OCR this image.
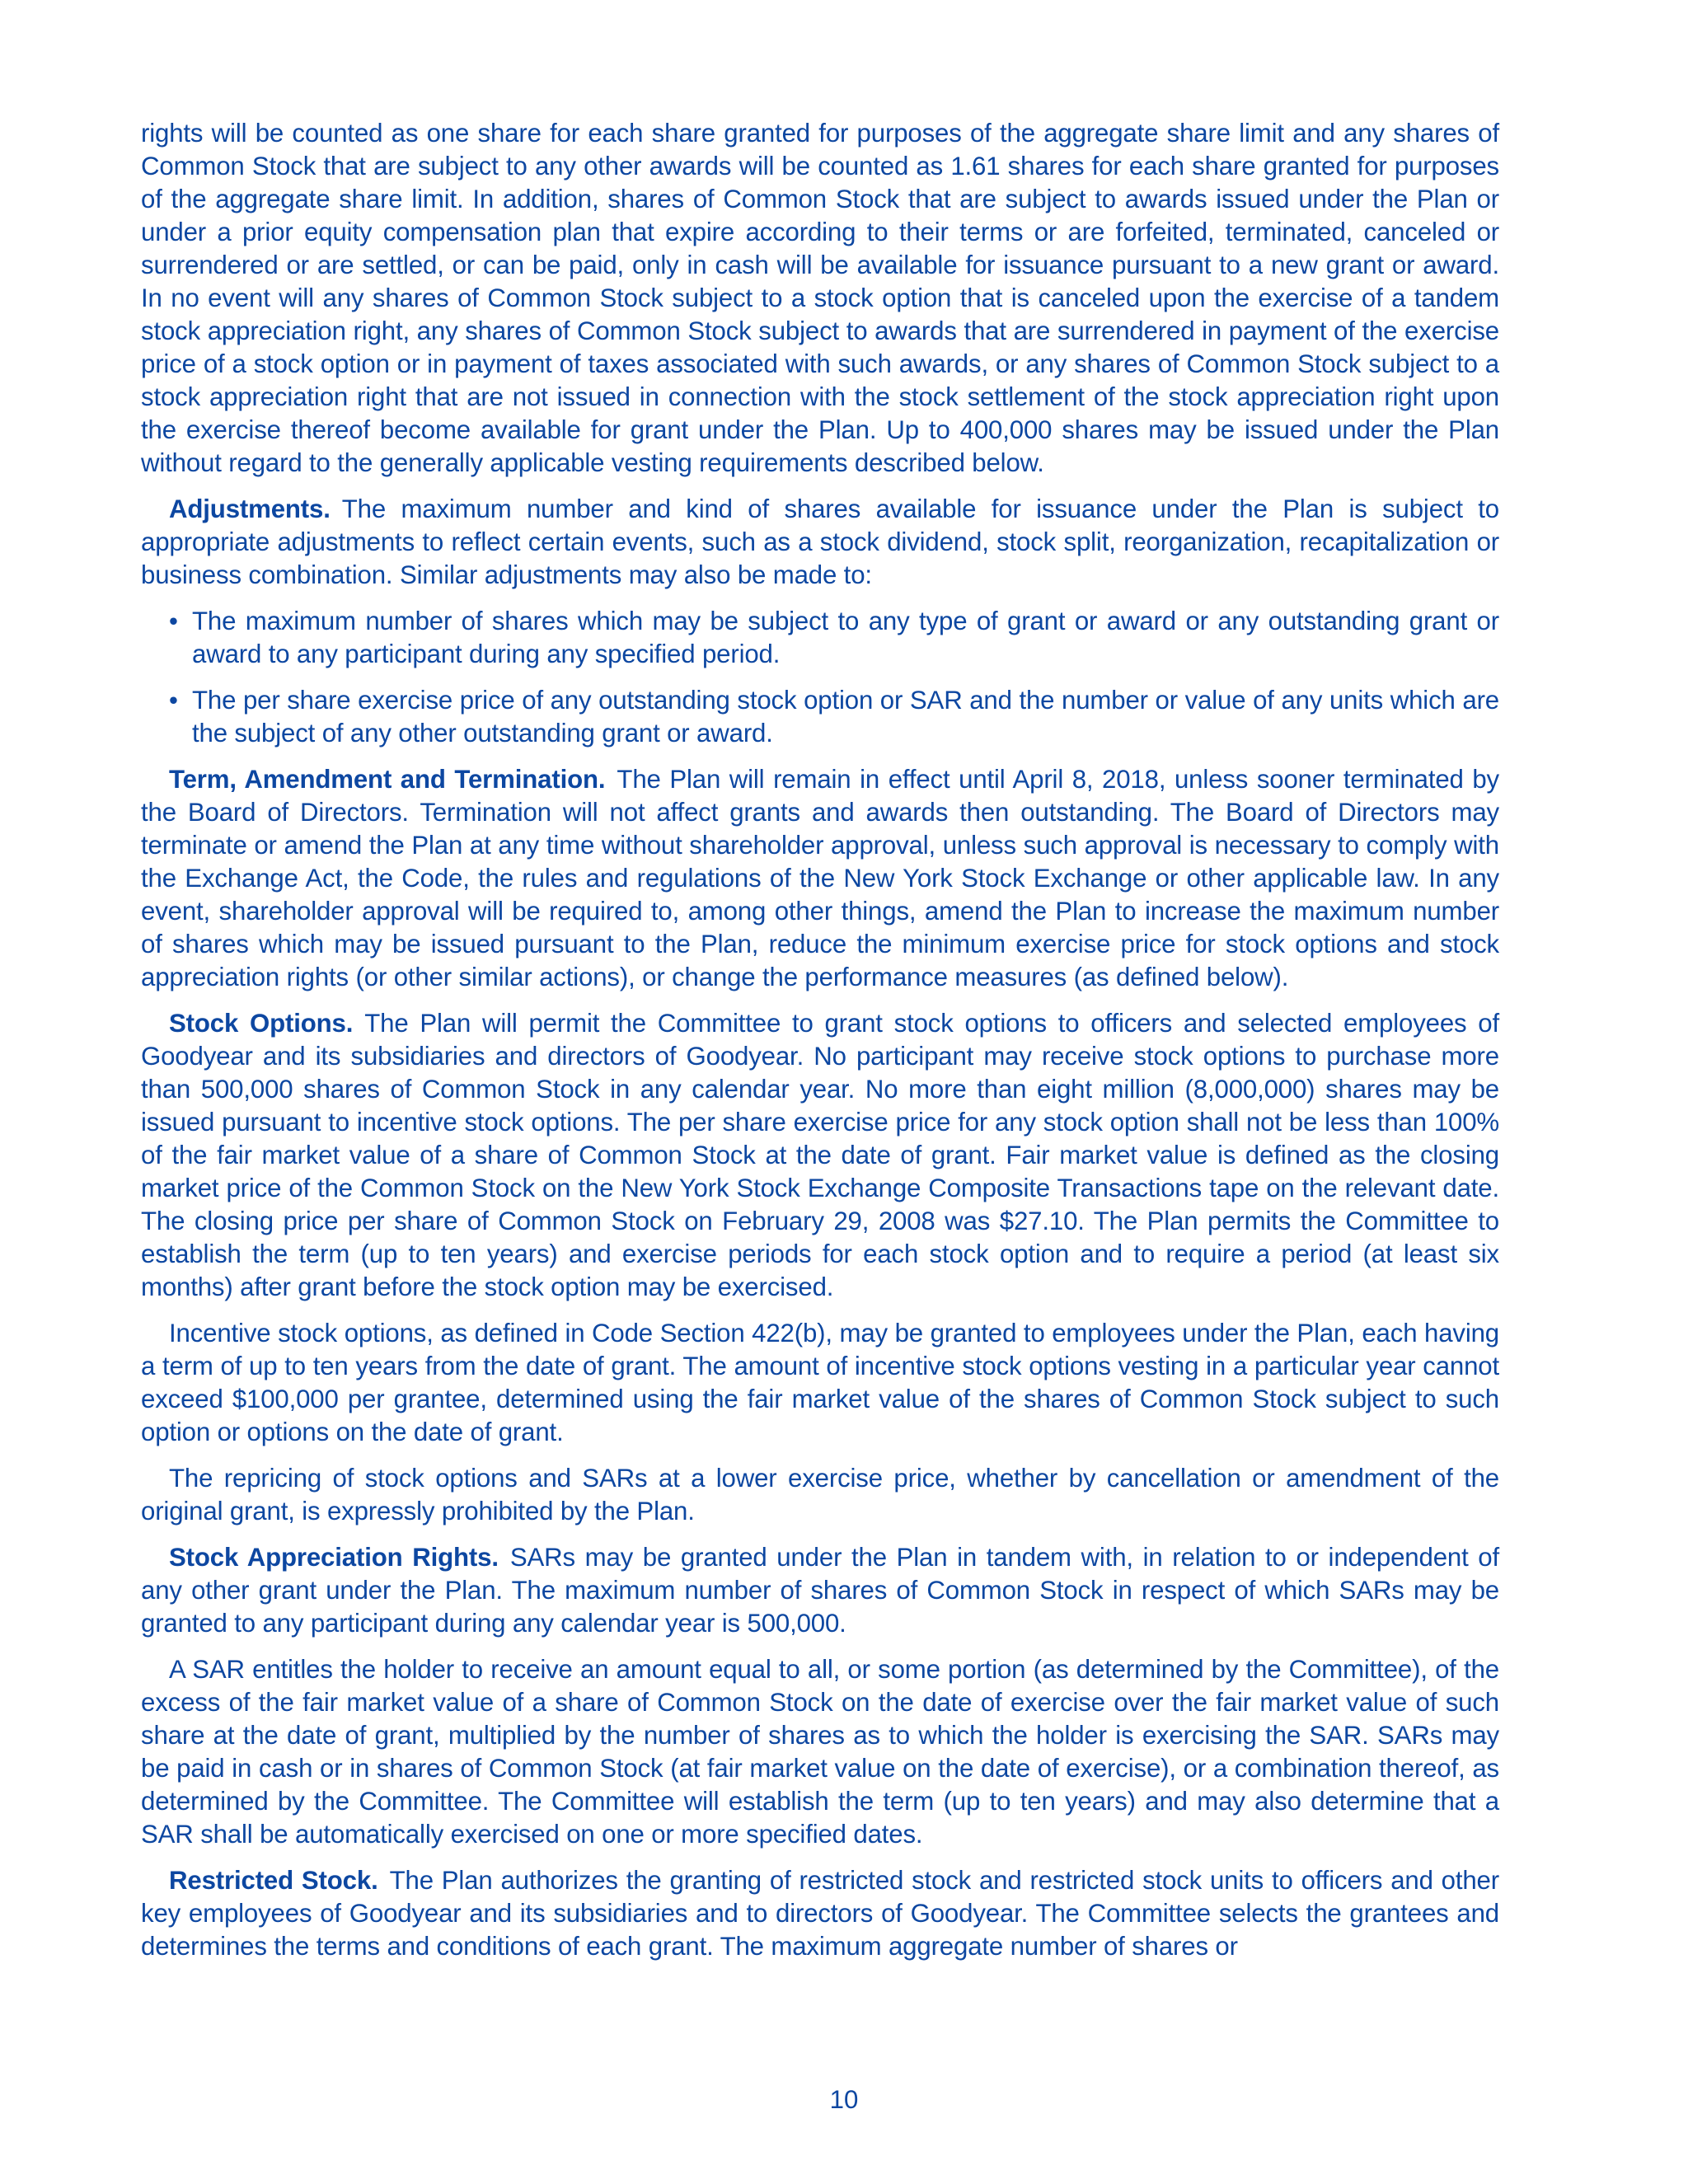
rights will be counted as one share for each share granted for purposes of the aggregate share limit and any shares of Common Stock that are subject to any other awards will be counted as 1.61 shares for each share granted for purposes of the aggregate share limit. In addition, shares of Common Stock that are subject to awards issued under the Plan or under a prior equity compensation plan that expire according to their terms or are forfeited, terminated, canceled or surrendered or are settled, or can be paid, only in cash will be available for issuance pursuant to a new grant or award. In no event will any shares of Common Stock subject to a stock option that is canceled upon the exercise of a tandem stock appreciation right, any shares of Common Stock subject to awards that are surrendered in payment of the exercise price of a stock option or in payment of taxes associated with such awards, or any shares of Common Stock subject to a stock appreciation right that are not issued in connection with the stock settlement of the stock appreciation right upon the exercise thereof become available for grant under the Plan. Up to 400,000 shares may be issued under the Plan without regard to the generally applicable vesting requirements described below.

Adjustments. The maximum number and kind of shares available for issuance under the Plan is subject to appropriate adjustments to reflect certain events, such as a stock dividend, stock split, reorganization, recapitalization or business combination. Similar adjustments may also be made to:

• The maximum number of shares which may be subject to any type of grant or award or any outstanding grant or award to any participant during any specified period.
• The per share exercise price of any outstanding stock option or SAR and the number or value of any units which are the subject of any other outstanding grant or award.

Term, Amendment and Termination. The Plan will remain in effect until April 8, 2018, unless sooner terminated by the Board of Directors. Termination will not affect grants and awards then outstanding. The Board of Directors may terminate or amend the Plan at any time without shareholder approval, unless such approval is necessary to comply with the Exchange Act, the Code, the rules and regulations of the New York Stock Exchange or other applicable law. In any event, shareholder approval will be required to, among other things, amend the Plan to increase the maximum number of shares which may be issued pursuant to the Plan, reduce the minimum exercise price for stock options and stock appreciation rights (or other similar actions), or change the performance measures (as defined below).

Stock Options. The Plan will permit the Committee to grant stock options to officers and selected employees of Goodyear and its subsidiaries and directors of Goodyear. No participant may receive stock options to purchase more than 500,000 shares of Common Stock in any calendar year. No more than eight million (8,000,000) shares may be issued pursuant to incentive stock options. The per share exercise price for any stock option shall not be less than 100% of the fair market value of a share of Common Stock at the date of grant. Fair market value is defined as the closing market price of the Common Stock on the New York Stock Exchange Composite Transactions tape on the relevant date. The closing price per share of Common Stock on February 29, 2008 was $27.10. The Plan permits the Committee to establish the term (up to ten years) and exercise periods for each stock option and to require a period (at least six months) after grant before the stock option may be exercised.

Incentive stock options, as defined in Code Section 422(b), may be granted to employees under the Plan, each having a term of up to ten years from the date of grant. The amount of incentive stock options vesting in a particular year cannot exceed $100,000 per grantee, determined using the fair market value of the shares of Common Stock subject to such option or options on the date of grant.

The repricing of stock options and SARs at a lower exercise price, whether by cancellation or amendment of the original grant, is expressly prohibited by the Plan.

Stock Appreciation Rights. SARs may be granted under the Plan in tandem with, in relation to or independent of any other grant under the Plan. The maximum number of shares of Common Stock in respect of which SARs may be granted to any participant during any calendar year is 500,000.

A SAR entitles the holder to receive an amount equal to all, or some portion (as determined by the Committee), of the excess of the fair market value of a share of Common Stock on the date of exercise over the fair market value of such share at the date of grant, multiplied by the number of shares as to which the holder is exercising the SAR. SARs may be paid in cash or in shares of Common Stock (at fair market value on the date of exercise), or a combination thereof, as determined by the Committee. The Committee will establish the term (up to ten years) and may also determine that a SAR shall be automatically exercised on one or more specified dates.

Restricted Stock. The Plan authorizes the granting of restricted stock and restricted stock units to officers and other key employees of Goodyear and its subsidiaries and to directors of Goodyear. The Committee selects the grantees and determines the terms and conditions of each grant. The maximum aggregate number of shares or

10
